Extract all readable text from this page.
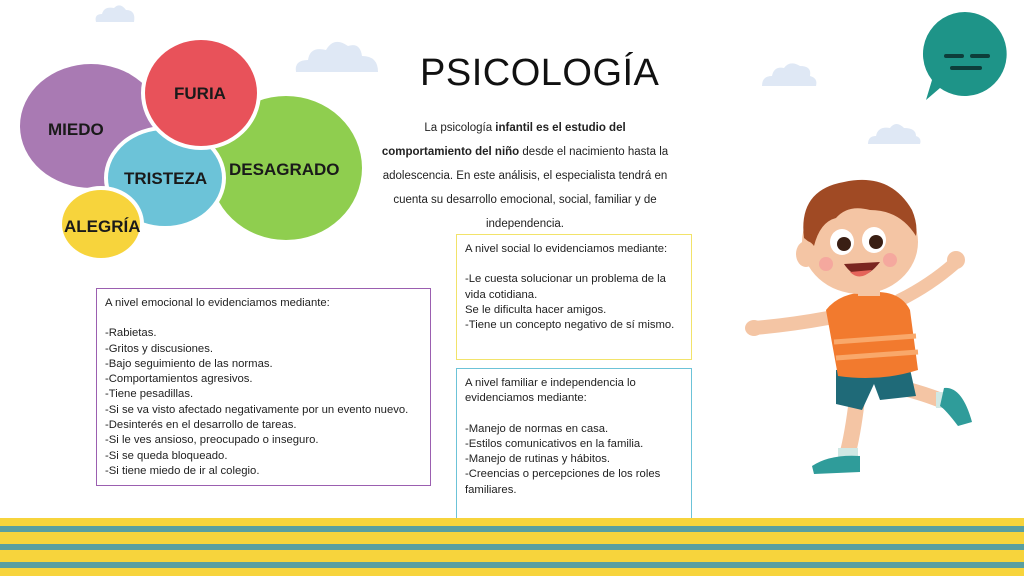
MIEDO
FURIA
TRISTEZA DESAGRADO
ALEGRÍA
PSICOLOGÍA
La psicología infantil es el estudio del comportamiento del niño desde el nacimiento hasta la adolescencia. En este análisis, el especialista tendrá en cuenta su desarrollo emocional, social, familiar y de independencia.

A nivel emocional lo evidenciamos mediante:

-Rabietas.

-Gritos y discusiones.

-Bajo seguimiento de las normas.

-Comportamientos agresivos.

-Tiene pesadillas.

-Si se va visto afectado negativamente por un evento nuevo.

-Desinterés en el desarrollo de tareas.

-Si le ves ansioso, preocupado o inseguro.

-Si se queda bloqueado.

-Si tiene miedo de ir al colegio.

A nivel social lo evidenciamos mediante:

-Le cuesta solucionar un problema de la vida cotidiana.

Se le dificulta hacer amigos.

-Tiene un concepto negativo de sí mismo.

A nivel familiar e independencia lo evidenciamos mediante:

-Manejo de normas en casa.

-Estilos comunicativos en la familia.

-Manejo de rutinas y hábitos.

-Creencias o percepciones de los roles familiares.
